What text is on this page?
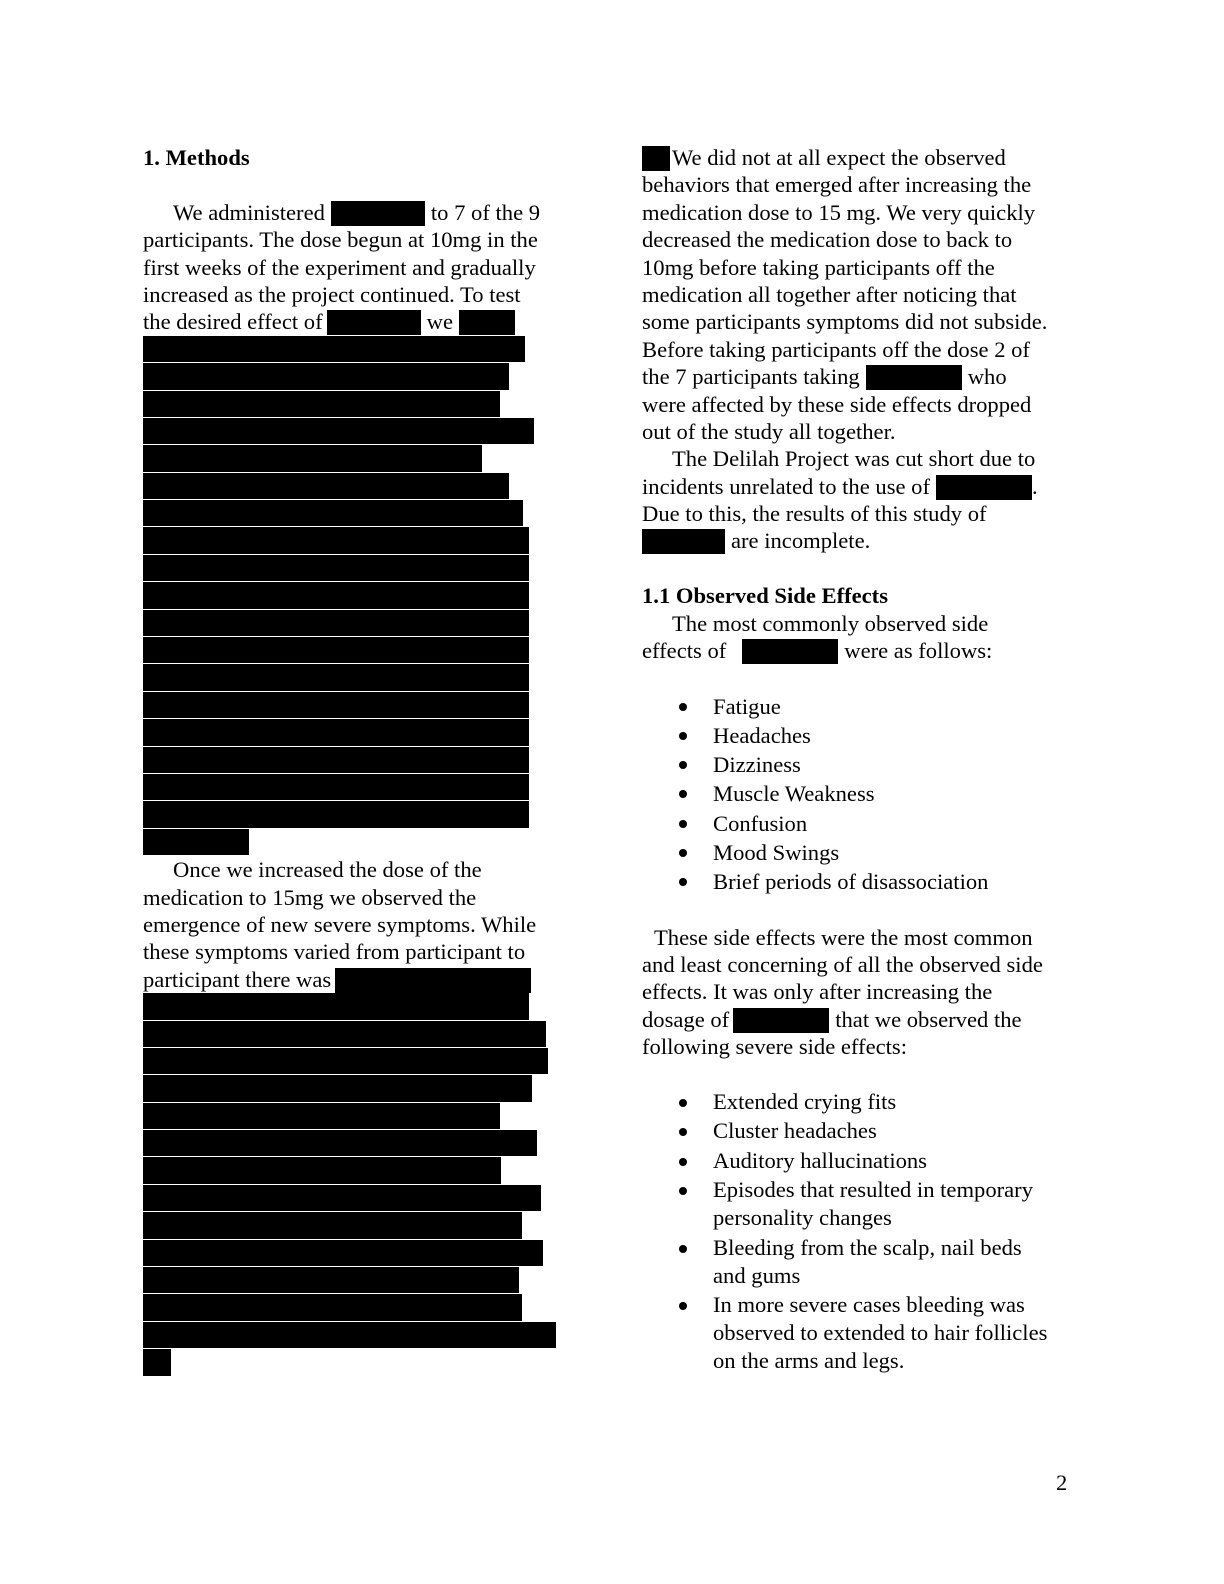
1. Methods
We administered	to 7 of the 9
participants. The dose begun at 10mg in the
first weeks of the experiment and gradually
increased as the project continued. To test
the desired effect of	we
Once we increased the dose of the
medication to 15mg we observed the
emergence of new severe symptoms. While
these symptoms varied from participant to
participant there was
We did not at all expect the observed
behaviors that emerged after increasing the
medication dose to 15 mg. We very quickly
decreased the medication dose to back to
10mg before taking participants off the
medication all together after noticing that
some participants symptoms did not subside.
Before taking participants off the dose 2 of
the 7 participants taking	who
were affected by these side effects dropped
out of the study all together.
The Delilah Project was cut short due to
incidents unrelated to the use of	.
Due to this, the results of this study of
are incomplete.
1.1 Observed Side Effects
The most commonly observed side
effects of	were as follows:
Fatigue
Headaches
Dizziness
Muscle Weakness
Confusion
Mood Swings
Brief periods of disassociation
These side effects were the most common
and least concerning of all the observed side
effects. It was only after increasing the
dosage of	that we observed the
following severe side effects:
Extended crying fits
Cluster headaches
Auditory hallucinations
Episodes that resulted in temporary
personality changes
Bleeding from the scalp, nail beds
and gums
In more severe cases bleeding was
observed to extended to hair follicles
on the arms and legs.
2
